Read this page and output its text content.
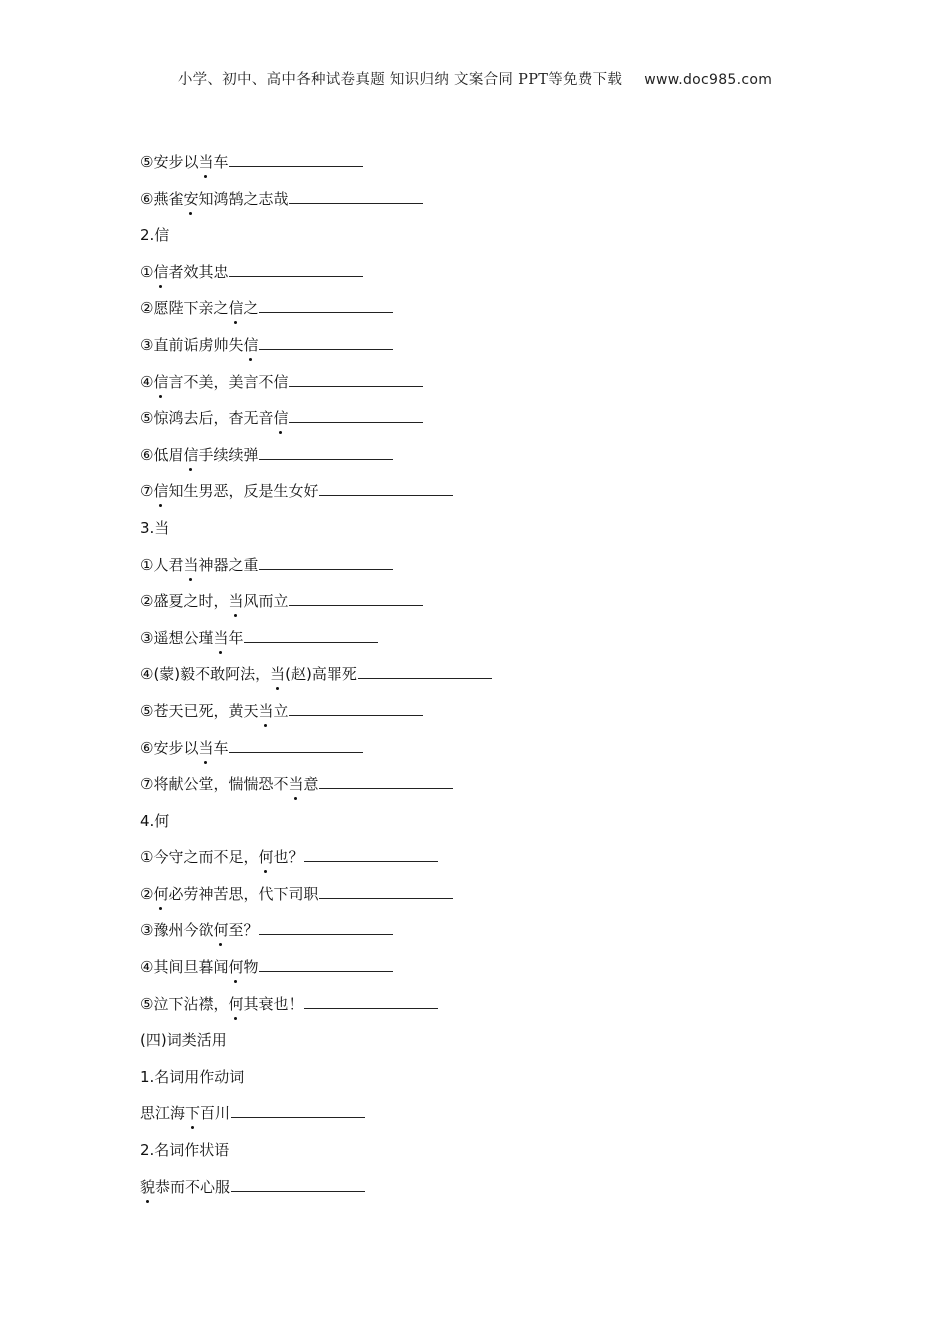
小学、初中、高中各种试卷真题 知识归纳 文案合同 PPT等免费下载 www.doc985.com
⑤安步以当车
⑥燕雀安知鸿鹄之志哉
2.信
①信者效其忠
②愿陛下亲之信之
③直前诟虏帅失信
④信言不美，美言不信
⑤惊鸿去后，杳无音信
⑥低眉信手续续弹
⑦信知生男恶，反是生女好
3.当
①人君当神器之重
②盛夏之时，当风而立
③遥想公瑾当年
④(蒙)毅不敢阿法，当(赵)高罪死
⑤苍天已死，黄天当立
⑥安步以当车
⑦将献公堂，惴惴恐不当意
4.何
①今守之而不足，何也？
②何必劳神苦思，代下司职
③豫州今欲何至？
④其间旦暮闻何物
⑤泣下沾襟，何其衰也！
(四)词类活用
1.名词用作动词
思江海下百川
2.名词作状语
貌恭而不心服
